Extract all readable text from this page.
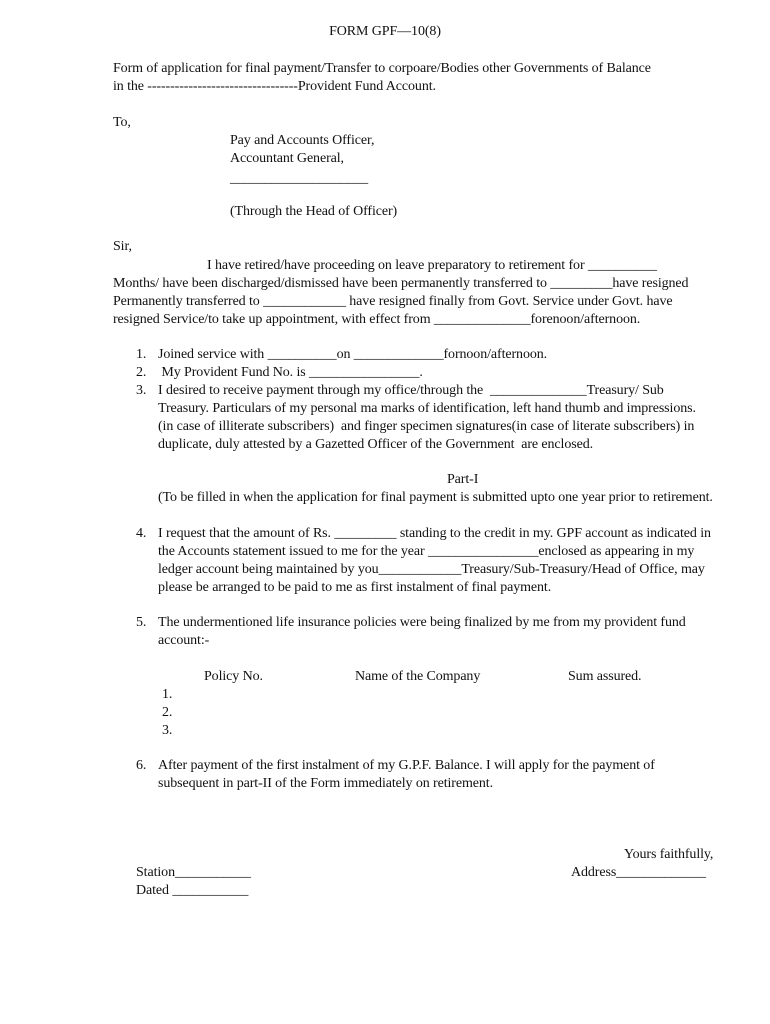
FORM GPF—10(8)
Form of application for final payment/Transfer to corpoare/Bodies other Governments of Balance
in the ---------------------------------Provident Fund Account.
To,
Pay and Accounts Officer,
Accountant General,
____________________
(Through the Head of Officer)
Sir,
I have retired/have proceeding on leave preparatory to retirement for __________
Months/ have been discharged/dismissed have been permanently transferred to _________have resigned
Permanently transferred to ____________ have resigned finally from Govt. Service under Govt. have
resigned Service/to take up appointment, with effect from ______________forenoon/afternoon.
1. Joined service with __________on _____________fornoon/afternoon.
2. My Provident Fund No. is ________________.
3. I desired to receive payment through my office/through the  ______________Treasury/ Sub
Treasury. Particulars of my personal ma marks of identification, left hand thumb and impressions.
(in case of illiterate subscribers)  and finger specimen signatures(in case of literate subscribers) in
duplicate, duly attested by a Gazetted Officer of the Government  are enclosed.
Part-I
(To be filled in when the application for final payment is submitted upto one year prior to retirement.
4. I request that the amount of Rs. _________ standing to the credit in my. GPF account as indicated in
the Accounts statement issued to me for the year ________________enclosed as appearing in my
ledger account being maintained by you____________Treasury/Sub-Treasury/Head of Office, may
please be arranged to be paid to me as first instalment of final payment.
5. The undermentioned life insurance policies were being finalized by me from my provident fund
account:-
Policy No.	Name of the Company	Sum assured.
1.
2.
3.
6. After payment of the first instalment of my G.P.F. Balance. I will apply for the payment of
subsequent in part-II of the Form immediately on retirement.
Yours faithfully,
Address_____________
Station___________
Dated ___________
